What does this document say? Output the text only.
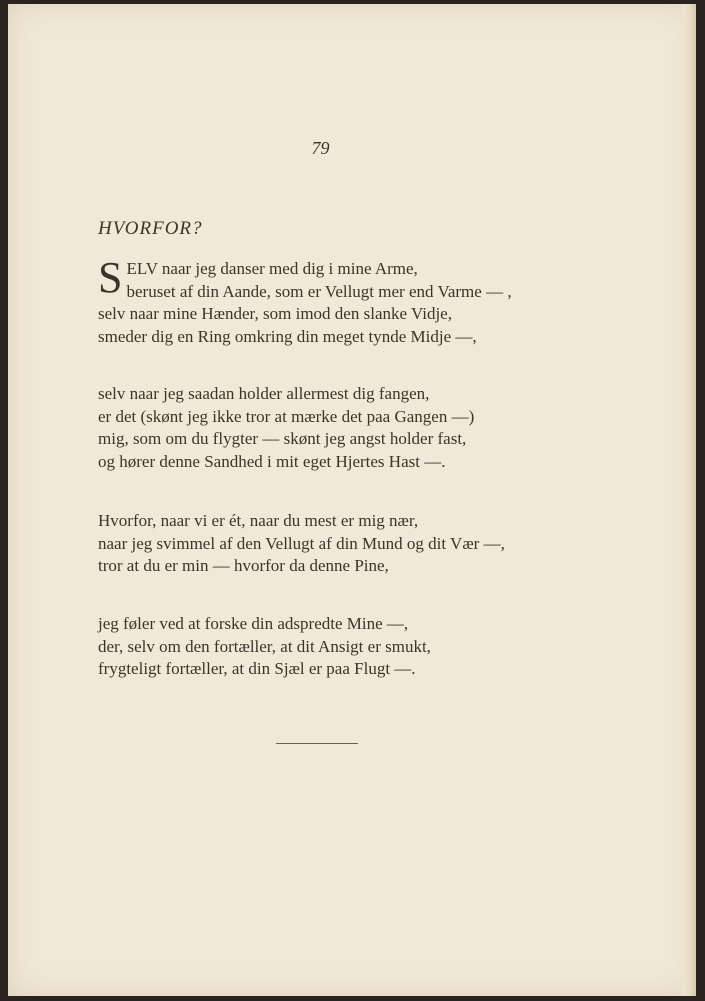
79
HVORFOR?
S ELV naar jeg danser med dig i mine Arme,
beruset af din Aande, som er Vellugt mer end Varme — ,
selv naar mine Hænder, som imod den slanke Vidje,
smeder dig en Ring omkring din meget tynde Midje —,
selv naar jeg saadan holder allermest dig fangen,
er det (skønt jeg ikke tror at mærke det paa Gangen —)
mig, som om du flygter — skønt jeg angst holder fast,
og hører denne Sandhed i mit eget Hjertes Hast —.
Hvorfor, naar vi er ét, naar du mest er mig nær,
naar jeg svimmel af den Vellugt af din Mund og dit Vær —,
tror at du er min — hvorfor da denne Pine,
jeg føler ved at forske din adspredte Mine —,
der, selv om den fortæller, at dit Ansigt er smukt,
frygteligt fortæller, at din Sjæl er paa Flugt —.
